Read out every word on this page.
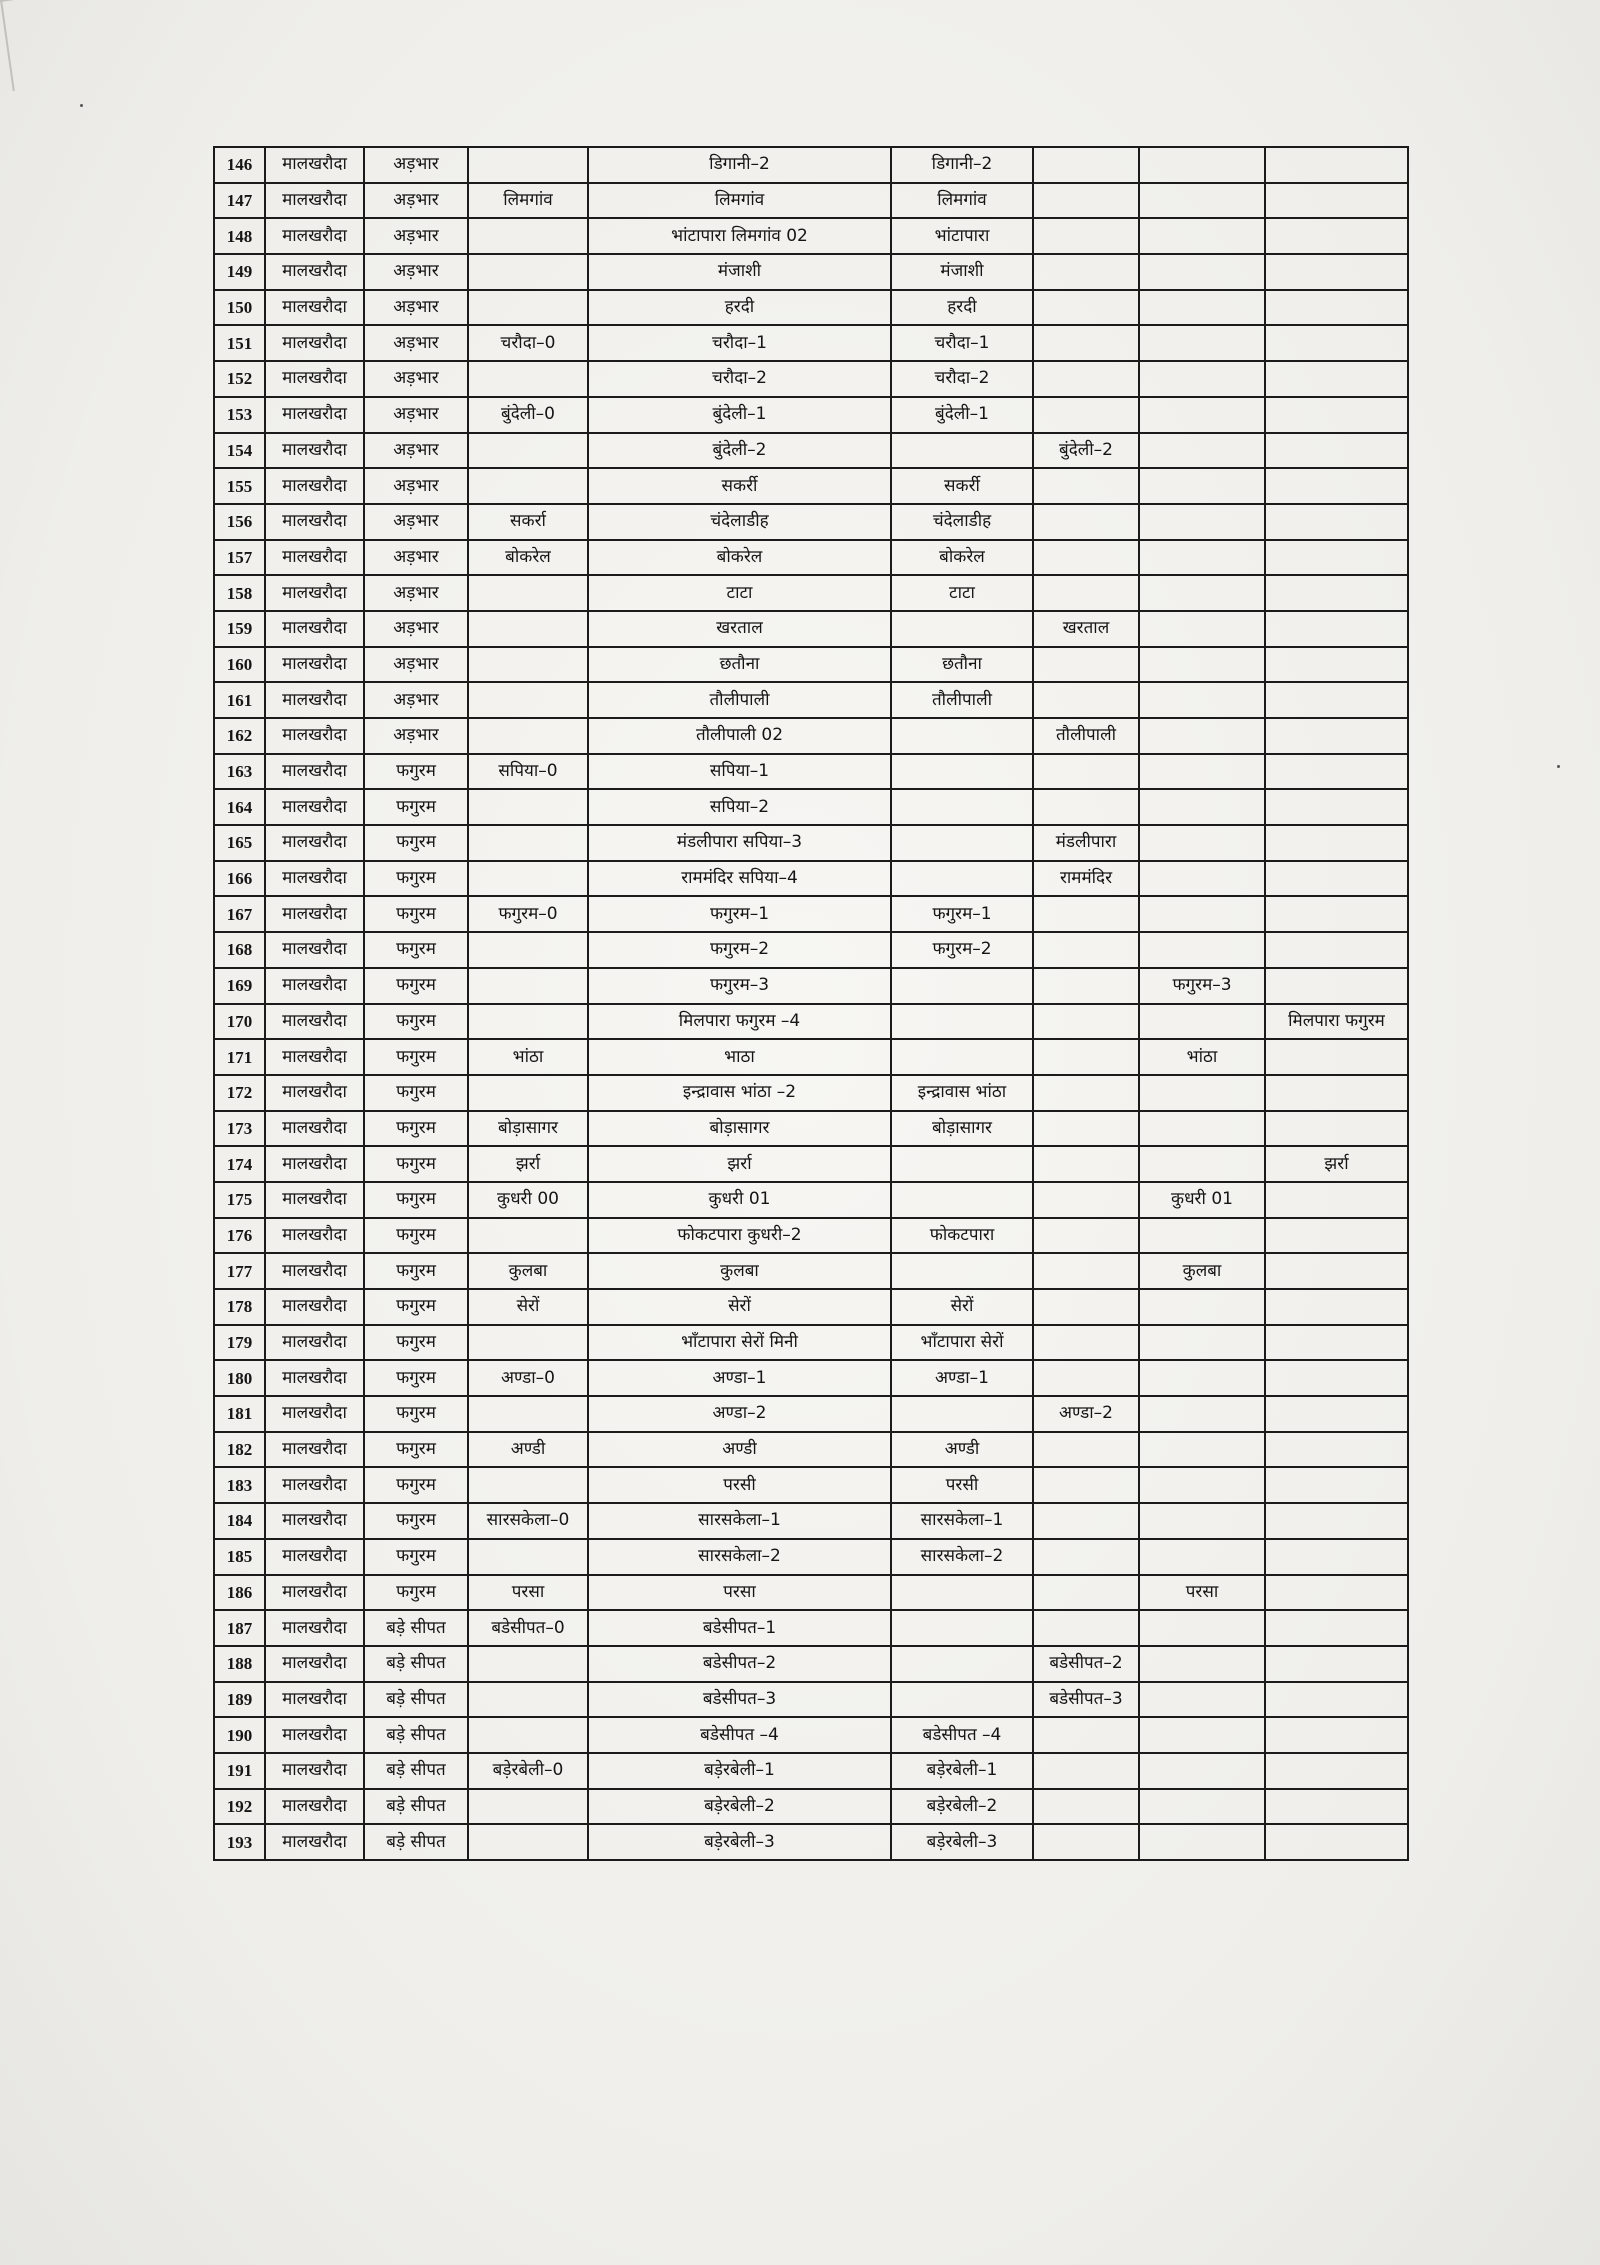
146	मालखरौदा	अड़भार		डिगानी–2	डिगानी–2			
147	मालखरौदा	अड़भार	लिमगांव	लिमगांव	लिमगांव			
148	मालखरौदा	अड़भार		भांटापारा लिमगांव 02	भांटापारा			
149	मालखरौदा	अड़भार		मंजाशी	मंजाशी			
150	मालखरौदा	अड़भार		हरदी	हरदी			
151	मालखरौदा	अड़भार	चरौदा–0	चरौदा–1	चरौदा–1			
152	मालखरौदा	अड़भार		चरौदा–2	चरौदा–2			
153	मालखरौदा	अड़भार	बुंदेली–0	बुंदेली–1	बुंदेली–1			
154	मालखरौदा	अड़भार		बुंदेली–2		बुंदेली–2		
155	मालखरौदा	अड़भार		सकर्री	सकर्री			
156	मालखरौदा	अड़भार	सकर्रा	चंदेलाडीह	चंदेलाडीह			
157	मालखरौदा	अड़भार	बोकरेल	बोकरेल	बोकरेल			
158	मालखरौदा	अड़भार		टाटा	टाटा			
159	मालखरौदा	अड़भार		खरताल		खरताल		
160	मालखरौदा	अड़भार		छतौना	छतौना			
161	मालखरौदा	अड़भार		तौलीपाली	तौलीपाली			
162	मालखरौदा	अड़भार		तौलीपाली 02		तौलीपाली		
163	मालखरौदा	फगुरम	सपिया–0	सपिया–1				
164	मालखरौदा	फगुरम		सपिया–2				
165	मालखरौदा	फगुरम		मंडलीपारा सपिया–3		मंडलीपारा		
166	मालखरौदा	फगुरम		राममंदिर सपिया–4		राममंदिर		
167	मालखरौदा	फगुरम	फगुरम–0	फगुरम–1	फगुरम–1			
168	मालखरौदा	फगुरम		फगुरम–2	फगुरम–2			
169	मालखरौदा	फगुरम		फगुरम–3			फगुरम–3	
170	मालखरौदा	फगुरम		मिलपारा फगुरम –4				मिलपारा फगुरम
171	मालखरौदा	फगुरम	भांठा	भाठा			भांठा	
172	मालखरौदा	फगुरम		इन्द्रावास भांठा –2	इन्द्रावास भांठा			
173	मालखरौदा	फगुरम	बोड़ासागर	बोड़ासागर	बोड़ासागर			
174	मालखरौदा	फगुरम	झर्रा	झर्रा				झर्रा
175	मालखरौदा	फगुरम	कुधरी 00	कुधरी 01			कुधरी 01	
176	मालखरौदा	फगुरम		फोकटपारा कुधरी–2	फोकटपारा			
177	मालखरौदा	फगुरम	कुलबा	कुलबा			कुलबा	
178	मालखरौदा	फगुरम	सेरों	सेरों	सेरों			
179	मालखरौदा	फगुरम		भाँटापारा सेरों मिनी	भाँटापारा सेरों			
180	मालखरौदा	फगुरम	अण्डा–0	अण्डा–1	अण्डा–1			
181	मालखरौदा	फगुरम		अण्डा–2		अण्डा–2		
182	मालखरौदा	फगुरम	अण्डी	अण्डी	अण्डी			
183	मालखरौदा	फगुरम		परसी	परसी			
184	मालखरौदा	फगुरम	सारसकेला–0	सारसकेला–1	सारसकेला–1			
185	मालखरौदा	फगुरम		सारसकेला–2	सारसकेला–2			
186	मालखरौदा	फगुरम	परसा	परसा			परसा	
187	मालखरौदा	बड़े सीपत	बडेसीपत–0	बडेसीपत–1				
188	मालखरौदा	बड़े सीपत		बडेसीपत–2		बडेसीपत–2		
189	मालखरौदा	बड़े सीपत		बडेसीपत–3		बडेसीपत–3		
190	मालखरौदा	बड़े सीपत		बडेसीपत –4	बडेसीपत –4			
191	मालखरौदा	बड़े सीपत	बड़ेरबेली–0	बड़ेरबेली–1	बड़ेरबेली–1			
192	मालखरौदा	बड़े सीपत		बड़ेरबेली–2	बड़ेरबेली–2			
193	मालखरौदा	बड़े सीपत		बड़ेरबेली–3	बड़ेरबेली–3			
